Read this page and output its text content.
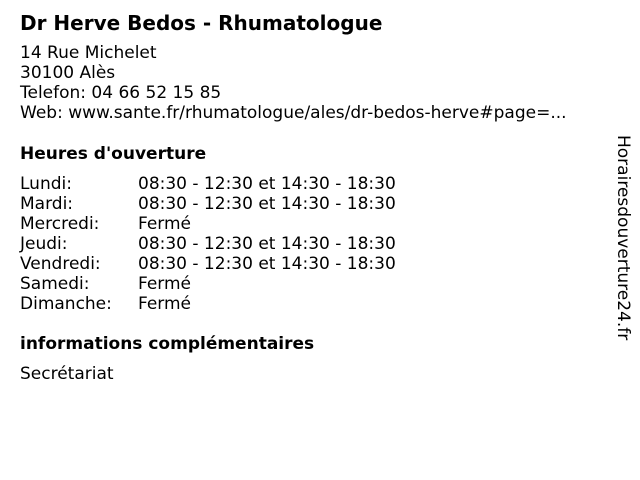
Dr Herve Bedos - Rhumatologue
14 Rue Michelet
30100 Alès
Telefon: 04 66 52 15 85
Web: www.sante.fr/rhumatologue/ales/dr-bedos-herve#page=...
Heures d'ouverture
Lundi:	08:30 - 12:30 et 14:30 - 18:30
Mardi:	08:30 - 12:30 et 14:30 - 18:30
Mercredi: Fermé
Jeudi:	08:30 - 12:30 et 14:30 - 18:30
Vendredi: 08:30 - 12:30 et 14:30 - 18:30
Samedi:	Fermé
Dimanche: Fermé
informations complémentaires
Secrétariat
Horairesdouverture24.fr
